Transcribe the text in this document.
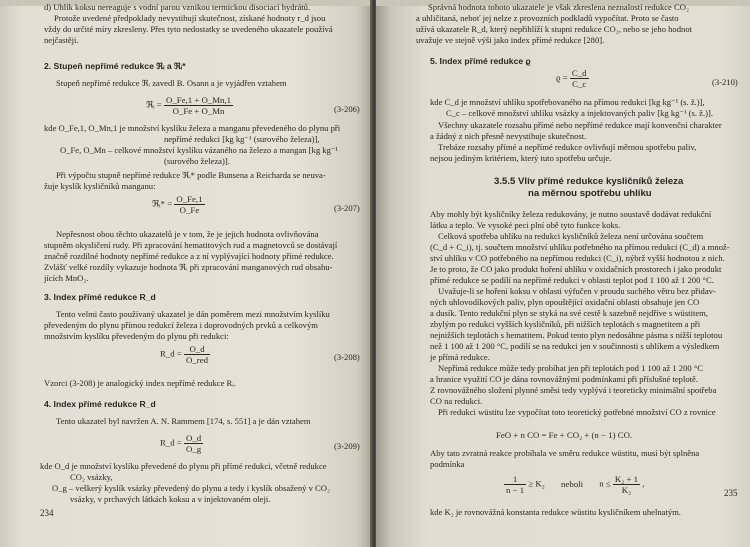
d) Uhlík koksu nereaguje s vodní parou vznikou termickou disociací hydrátů.
Protože uvedené předpoklady nevystihují skutečnost, získané hodnoty r_d jsou
vždy do určité míry zkresleny. Přes tyto nedostatky se uvedeného ukazatele používá
nejčastěji.
2. Stupeň nepřímé redukce ℜᵢ a ℜᵢ*
Stupeň nepřímé redukce ℜᵢ zavedl B. Osann a je vyjádřen vztahem
ℜᵢ = $\frac{O\_Fe,1 + O\_Mn,1}{O\_Fe + O\_Mn}$	(3-206)
kde O_Fe,1, O_Mn,1 je množství kyslíku železa a manganu převedeného do plynu při
nepřímé redukci [kg kg⁻¹ (surového železa)],
O_Fe, O_Mn – celkové množství kyslíku vázaného na železo a mangan [kg kg⁻¹
(surového železa)].
Při výpočtu stupně nepřímé redukce ℜᵢ* podle Bunsena a Reicharda se neuva-
žuje kyslík kysličníků manganu:
ℜᵢ* = $\frac{O\_Fe,1}{O\_Fe}$	(3-207)
Nepřesnost obou těchto ukazatelů je v tom, že je jejich hodnota ovlivňována
stupněm okysličení rudy. Při zpracování hematitových rud a magnetovců se dostávají
značně rozdílné hodnoty nepřímé redukce a z ní vyplývající hodnoty přímé redukce.
Zvlášť velké rozdíly vykazuje hodnota ℜᵢ při zpracování manganových rud obsahu-
jících MnO₂.
3. Index přímé redukce R_d
Tento velmi často používaný ukazatel je dán poměrem mezi množstvím kyslíku
převedeným do plynu přímou redukcí železa i doprovodných prvků a celkovým
množstvím kyslíku převedeným do plynu při redukci:
R_d = $\frac{O\_d}{\text{O\_red}}$	(3-208)
Vzorci (3-208) je analogický index nepřímé redukce Rᵢ.
4. Index přímé redukce R_d
Tento ukazatel byl navržen A. N. Rammem [174, s. 551] a je dán vztahem
R_d = $\frac{O\_d}{O\_g}$	(3-209)
kde O_d je množství kyslíku převedené do plynu při přímé redukci, včetně redukce
CO₂ vsázky,
O_g – veškerý kyslík vsázky převedený do plynu a tedy i kyslík obsažený v CO₂
vsázky, v prchavých látkách koksu a v injektovaném oleji.
234
Správná hodnota tohoto ukazatele je však zkreslena neznalostí redukce CO₂
a uhličitaná, neboť jej nelze z provozních podkladů vypočítat. Proto se často
užívá ukazatele R_d, který nepřihlíží k stupni redukce CO₂, nebo se jeho hodnot
uvažuje ve stejně výši jako index přímé redukce [280].
5. Index přímé redukce ϱ
$ϱ = \frac{C\_d}{C\_c}$	(3-210)
kde C_d je množství uhlíku spotřebovaného na přímou redukci [kg kg⁻¹ (s. ž.)],
C_c – celkové množství uhlíku vsázky a injektovaných paliv [kg kg⁻¹ (s. ž.)].
Všechny ukazatele rozsahu přímé nebo nepřímé redukce mají konvenční charakter
a žádný z nich přesně nevystihuje skutečnost.
Trebáze rozsahy přímé a nepřímé redukce ovlivňují měrnou spotřebu paliv,
nejsou jediným kritériem, který tuto spotřebu určuje.
3.5.5 Vliv přímé redukce kysličníků železa
na měrnou spotřebu uhlíku
Aby mohly být kysličníky železa redukovány, je nutno soustavě dodávat redukční
látku a teplo. Ve vysoké peci plní obě tyto funkce koks.
Celková spotřeba uhlíku na redukci kysličníků železa není určována součtem
(C_d + C_i), tj. součtem množství uhlíku potřebného na přímou redukci (C_d) a množ-
ství uhlíku v CO potřebného na nepřímou redukci (C_i), nýbrž vyšší hodnotou z nich.
Je to proto, že CO jako produkt hoření uhlíku v oxidačních prostorech i jako produkt
přímé redukce se podílí na nepřímé redukci v oblasti teplot pod 1 100 až 1 200 °C.
Uvažuje-li se hoření koksu v oblasti výfučen v proudu suchého větru bez přidav-
ných uhlovodíkových paliv, plyn opouštějící oxidační oblasti obsahuje jen CO
a dusík. Tento redukční plyn se styká na své cestě k sazebně nejdříve s wüstitem,
zbylým po redukci vyšších kysličníků, při nižších teplotách s magnetitem a při
nejnižších teplotách s hematitem. Pokud tento plyn nedosáhne pásma s nižší teplotou
než 1 100 až 1 200 °C, podílí se na redukci jen v součinnosti s uhlíkem a výsledkem
je přímá redukce.
Nepřímá redukce může tedy probíhat jen při teplotách pod 1 100 až 1 200 °C
a hranice využití CO je dána rovnovážnými podmínkami při příslušné teplotě.
Z rovnovážného složení plynné směsi tedy vyplývá i teoreticky minimální spotřeba
CO na redukci.
Při redukci wüstitu lze vypočítat toto teoretický potřebné množství CO z rovnice
FeO + n CO = Fe + CO₂ + (n − 1) CO.
Aby tato zvratná reakce probíhala ve směru redukce wüstitu, musí být splněna
podmínka
$\frac{1}{n - 1} \ge K_2$ neboli $n \le \frac{\text{K₂ + 1}}{\text{K₂}}$ ,
kde K₂ je rovnovážná konstanta redukce wüstitu kysličníkem uhelnatým.
235
